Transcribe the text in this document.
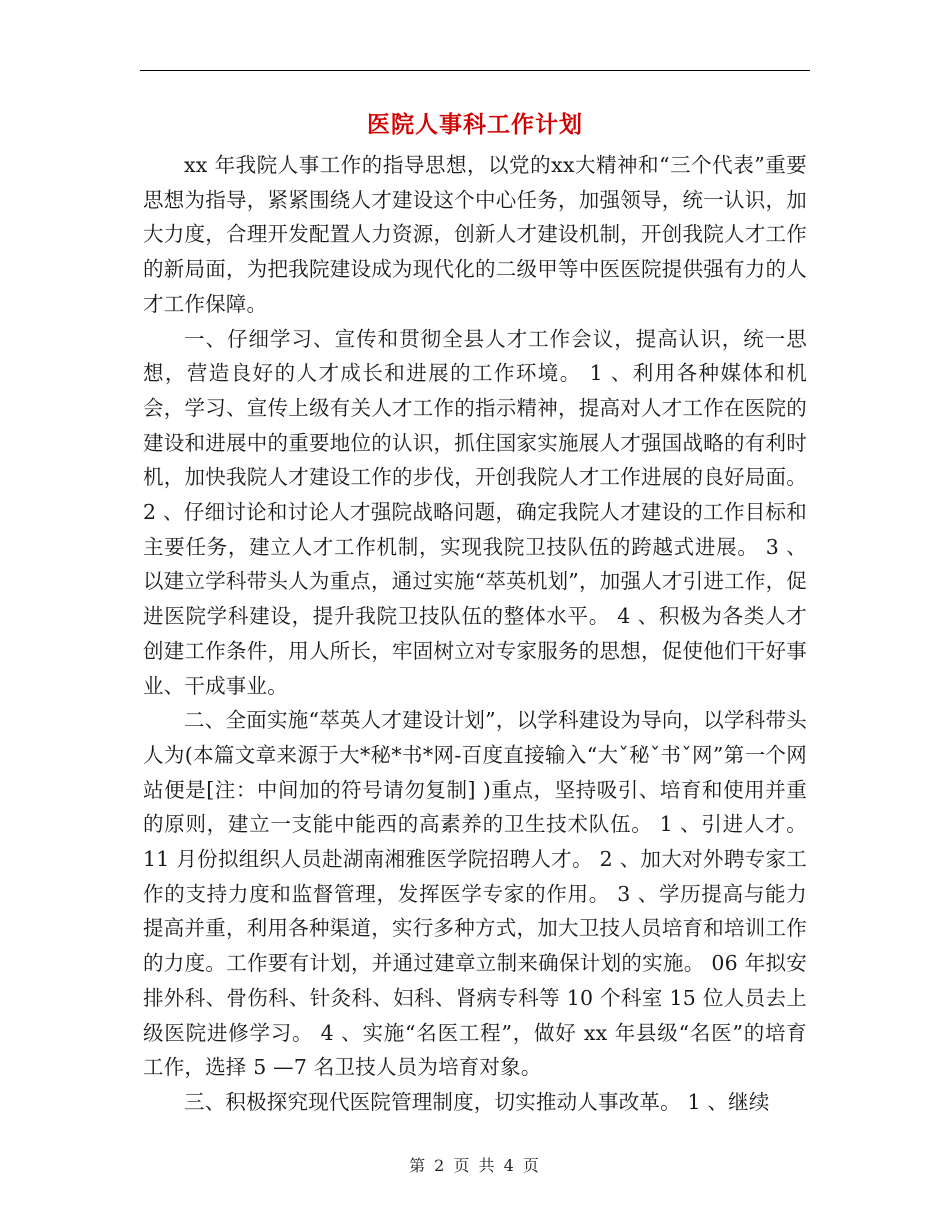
医院人事科工作计划

xx 年我院人事工作的指导思想，以党的xx大精神和“三个代表”重要思想为指导，紧紧围绕人才建设这个中心任务，加强领导，统一认识，加大力度，合理开发配置人力资源，创新人才建设机制，开创我院人才工作的新局面，为把我院建设成为现代化的二级甲等中医医院提供强有力的人才工作保障。

一、仔细学习、宣传和贯彻全县人才工作会议，提高认识，统一思想，营造良好的人才成长和进展的工作环境。 1 、利用各种媒体和机会，学习、宣传上级有关人才工作的指示精神，提高对人才工作在医院的建设和进展中的重要地位的认识，抓住国家实施展人才强国战略的有利时机，加快我院人才建设工作的步伐，开创我院人才工作进展的良好局面。 2 、仔细讨论和讨论人才强院战略问题，确定我院人才建设的工作目标和主要任务，建立人才工作机制，实现我院卫技队伍的跨越式进展。 3 、以建立学科带头人为重点，通过实施“萃英机划”，加强人才引进工作，促进医院学科建设，提升我院卫技队伍的整体水平。 4 、积极为各类人才创建工作条件，用人所长，牢固树立对专家服务的思想，促使他们干好事业、干成事业。

二、全面实施“萃英人才建设计划”，以学科建设为导向，以学科带头人为(本篇文章来源于大*秘*书*网-百度直接输入“大ˇ秘ˇ书ˇ网”第一个网站便是[注：中间加的符号请勿复制] )重点，坚持吸引、培育和使用并重的原则，建立一支能中能西的高素养的卫生技术队伍。 1 、引进人才。 11 月份拟组织人员赴湖南湘雅医学院招聘人才。 2 、加大对外聘专家工作的支持力度和监督管理，发挥医学专家的作用。 3 、学历提高与能力提高并重，利用各种渠道，实行多种方式，加大卫技人员培育和培训工作的力度。工作要有计划，并通过建章立制来确保计划的实施。 06 年拟安排外科、骨伤科、针灸科、妇科、肾病专科等 10 个科室 15 位人员去上级医院进修学习。 4 、实施“名医工程”，做好 xx 年县级“名医”的培育工作，选择 5 —7 名卫技人员为培育对象。

三、积极探究现代医院管理制度，切实推动人事改革。 1 、继续

第 2 页 共 4 页
